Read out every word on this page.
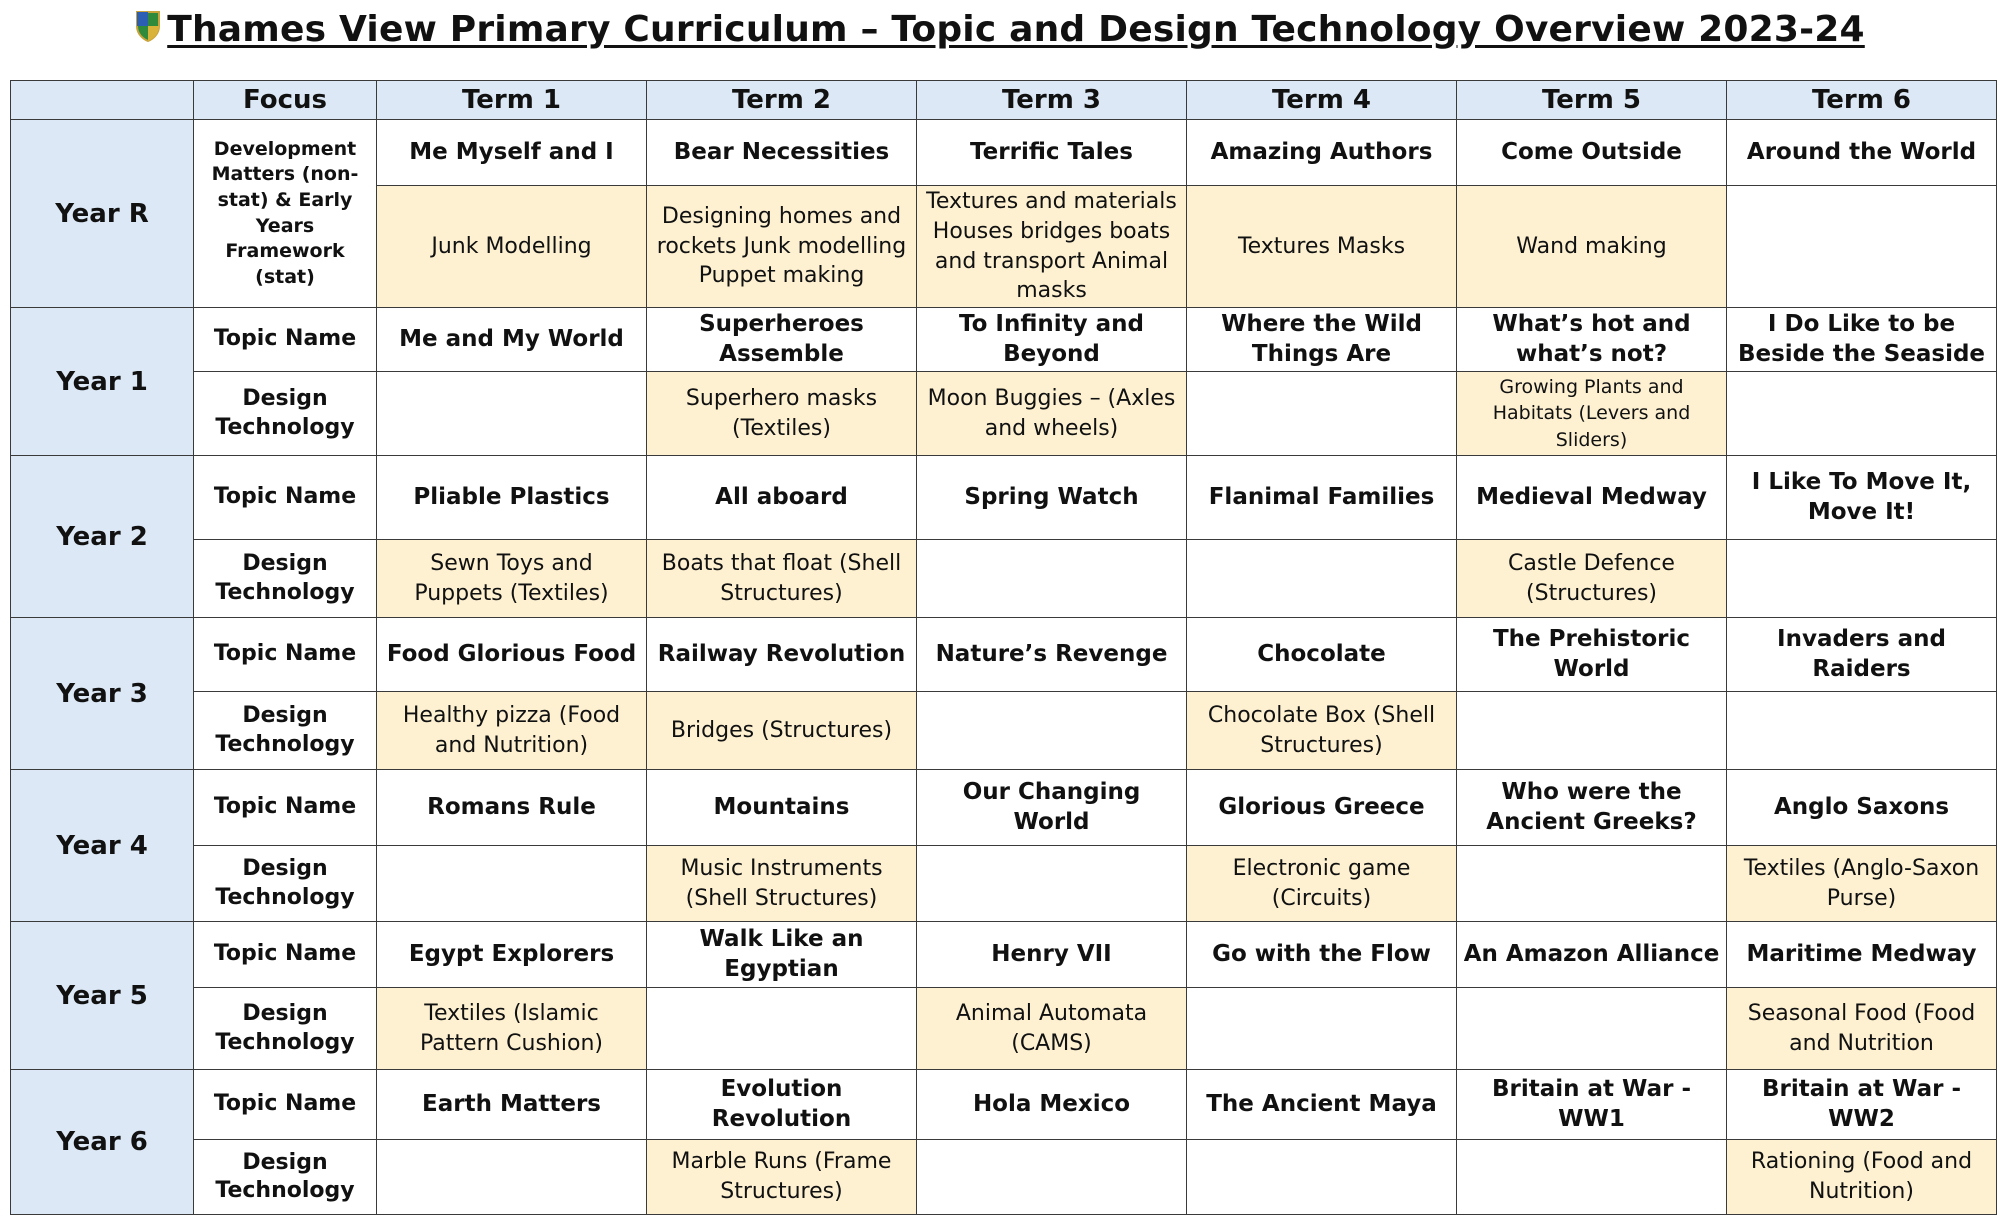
Thames View Primary Curriculum – Topic and Design Technology Overview 2023-24
	Focus	Term 1	Term 2	Term 3	Term 4	Term 5	Term 6
Year R	Development Matters (non-stat) & Early Years Framework (stat)	Me Myself and I	Bear Necessities	Terrific Tales	Amazing Authors	Come Outside	Around the World
		Junk Modelling	Designing homes and rockets Junk modelling Puppet making	Textures and materials Houses bridges boats and transport Animal masks	Textures Masks	Wand making	
Year 1	Topic Name	Me and My World	Superheroes Assemble	To Infinity and Beyond	Where the Wild Things Are	What’s hot and what’s not?	I Do Like to be Beside the Seaside
	Design Technology		Superhero masks (Textiles)	Moon Buggies – (Axles and wheels)		Growing Plants and Habitats (Levers and Sliders)	
Year 2	Topic Name	Pliable Plastics	All aboard	Spring Watch	Flanimal Families	Medieval Medway	I Like To Move It, Move It!
	Design Technology	Sewn Toys and Puppets (Textiles)	Boats that float (Shell Structures)			Castle Defence (Structures)	
Year 3	Topic Name	Food Glorious Food	Railway Revolution	Nature’s Revenge	Chocolate	The Prehistoric World	Invaders and Raiders
	Design Technology	Healthy pizza (Food and Nutrition)	Bridges (Structures)		Chocolate Box (Shell Structures)		
Year 4	Topic Name	Romans Rule	Mountains	Our Changing World	Glorious Greece	Who were the Ancient Greeks?	Anglo Saxons
	Design Technology		Music Instruments (Shell Structures)		Electronic game (Circuits)		Textiles (Anglo-Saxon Purse)
Year 5	Topic Name	Egypt Explorers	Walk Like an Egyptian	Henry VII	Go with the Flow	An Amazon Alliance	Maritime Medway
	Design Technology	Textiles (Islamic Pattern Cushion)		Animal Automata (CAMS)			Seasonal Food (Food and Nutrition
Year 6	Topic Name	Earth Matters	Evolution Revolution	Hola Mexico	The Ancient Maya	Britain at War - WW1	Britain at War - WW2
	Design Technology		Marble Runs (Frame Structures)				Rationing (Food and Nutrition)
